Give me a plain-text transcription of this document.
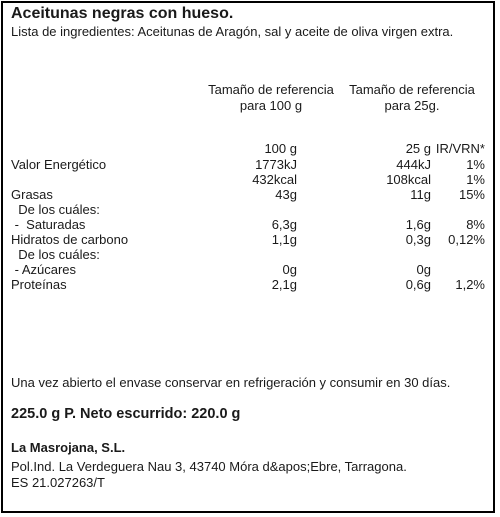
Aceitunas negras con hueso.
Lista de ingredientes: Aceitunas de Aragón, sal y aceite de oliva virgen extra.
Tamaño de referencia
para 100 g
Tamaño de referencia
para 25g.
100 g	25 g IR/VRN*
Valor Energético	1773kJ	444kJ	1%
432kcal	108kcal	1%
Grasas	43g	11g 15%
De los cuáles:
-  Saturadas	6,3g	1,6g	8%
Hidratos de carbono	1,1g	0,3g 0,12%
De los cuáles:
- Azúcares	0g	0g
Proteínas	2,1g	0,6g 1,2%
Una vez abierto el envase conservar en refrigeración y consumir en 30 días.
225.0 g P. Neto escurrido: 220.0 g
La Masrojana, S.L.
Pol.Ind. La Verdeguera Nau 3, 43740 Móra d&apos;Ebre, Tarragona.
ES 21.027263/T
